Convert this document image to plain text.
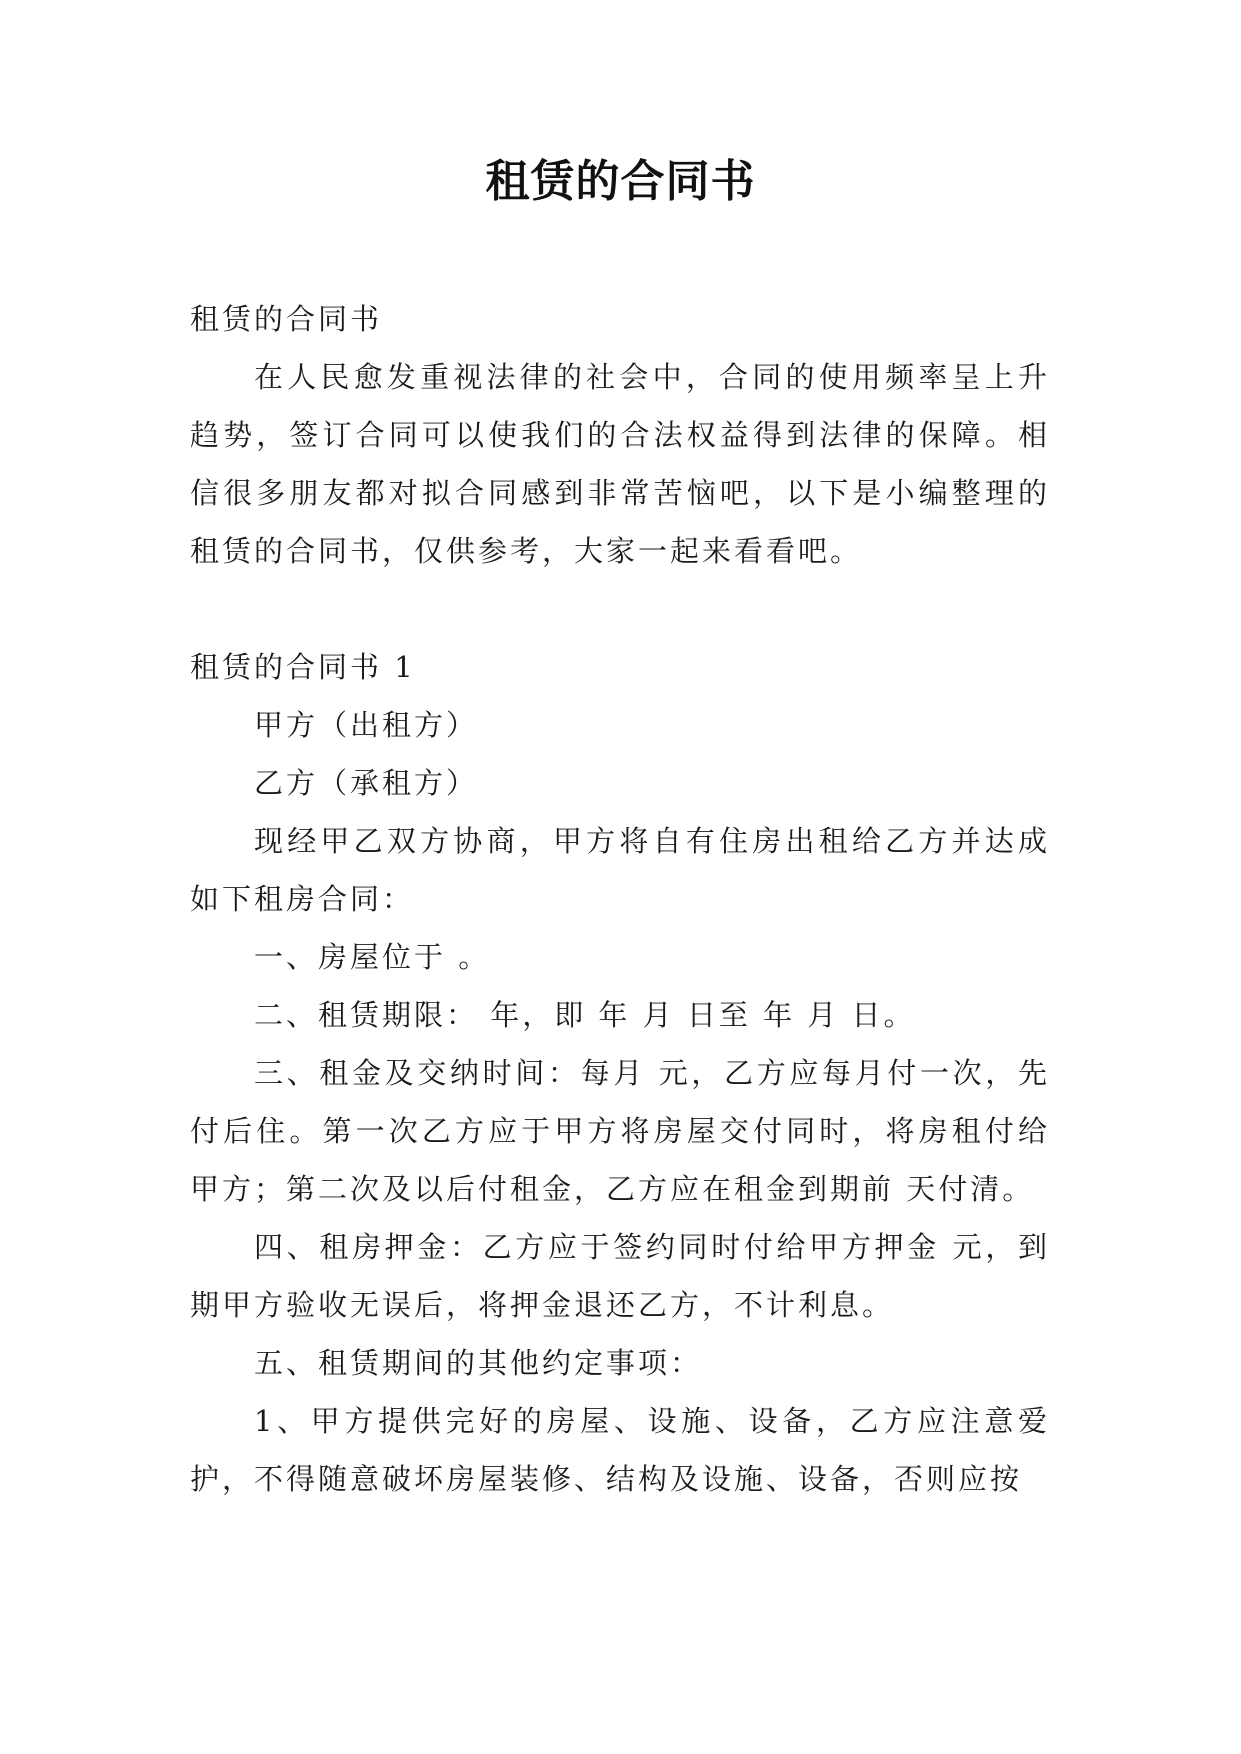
租赁的合同书

租赁的合同书

在人民愈发重视法律的社会中，合同的使用频率呈上升趋势，签订合同可以使我们的合法权益得到法律的保障。相信很多朋友都对拟合同感到非常苦恼吧，以下是小编整理的租赁的合同书，仅供参考，大家一起来看看吧。

租赁的合同书 1

甲方（出租方）

乙方（承租方）

现经甲乙双方协商，甲方将自有住房出租给乙方并达成如下租房合同：

一、房屋位于 。

二、租赁期限： 年，即 年 月 日至 年 月 日。

三、租金及交纳时间：每月 元，乙方应每月付一次，先付后住。第一次乙方应于甲方将房屋交付同时，将房租付给甲方；第二次及以后付租金，乙方应在租金到期前 天付清。

四、租房押金：乙方应于签约同时付给甲方押金 元，到期甲方验收无误后，将押金退还乙方，不计利息。

五、租赁期间的其他约定事项：

1、甲方提供完好的房屋、设施、设备，乙方应注意爱护，不得随意破坏房屋装修、结构及设施、设备，否则应按
